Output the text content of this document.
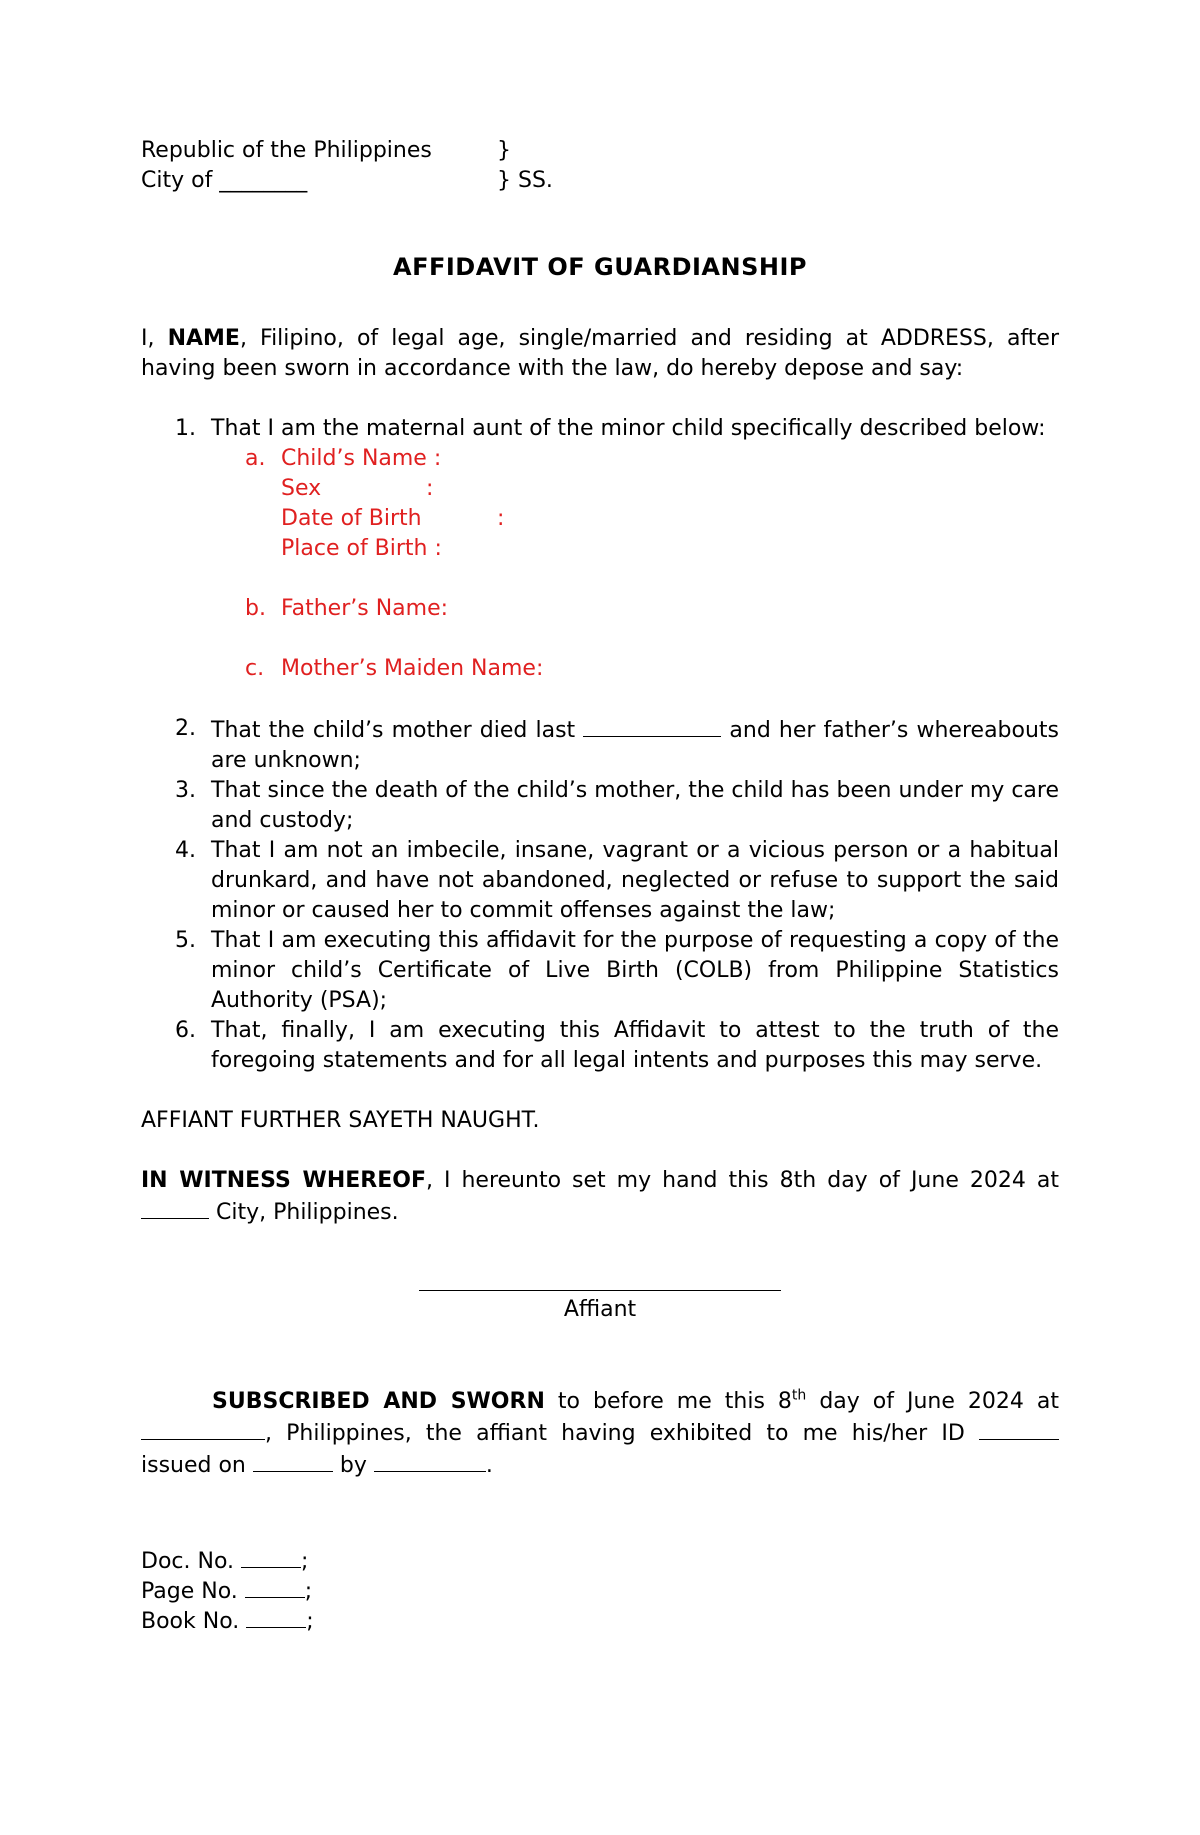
Republic of the Philippines	}
City of ________	} SS.
AFFIDAVIT OF GUARDIANSHIP
I, NAME, Filipino, of legal age, single/married and residing at ADDRESS, after having been sworn in accordance with the law, do hereby depose and say:
1. That I am the maternal aunt of the minor child specifically described below:
a. Child’s Name :
Sex	:
Date of Birth	:
Place of Birth :
b. Father’s Name:
c. Mother’s Maiden Name:
2. That the child’s mother died last	and her father’s whereabouts are unknown;
3. That since the death of the child’s mother, the child has been under my care and custody;
4. That I am not an imbecile, insane, vagrant or a vicious person or a habitual drunkard, and have not abandoned, neglected or refuse to support the said minor or caused her to commit offenses against the law;
5. That I am executing this affidavit for the purpose of requesting a copy of the minor child’s Certificate of Live Birth (COLB) from Philippine Statistics Authority (PSA);
6. That, finally, I am executing this Affidavit to attest to the truth of the foregoing statements and for all legal intents and purposes this may serve.
AFFIANT FURTHER SAYETH NAUGHT.
IN WITNESS WHEREOF, I hereunto set my hand this 8th day of June 2024 at  City, Philippines.
Affiant
SUBSCRIBED AND SWORN to before me this 8th day of June 2024 at , Philippines, the affiant having exhibited to me his/her ID  issued on	by	.
Doc. No.	;
Page No.	;
Book No.	;
